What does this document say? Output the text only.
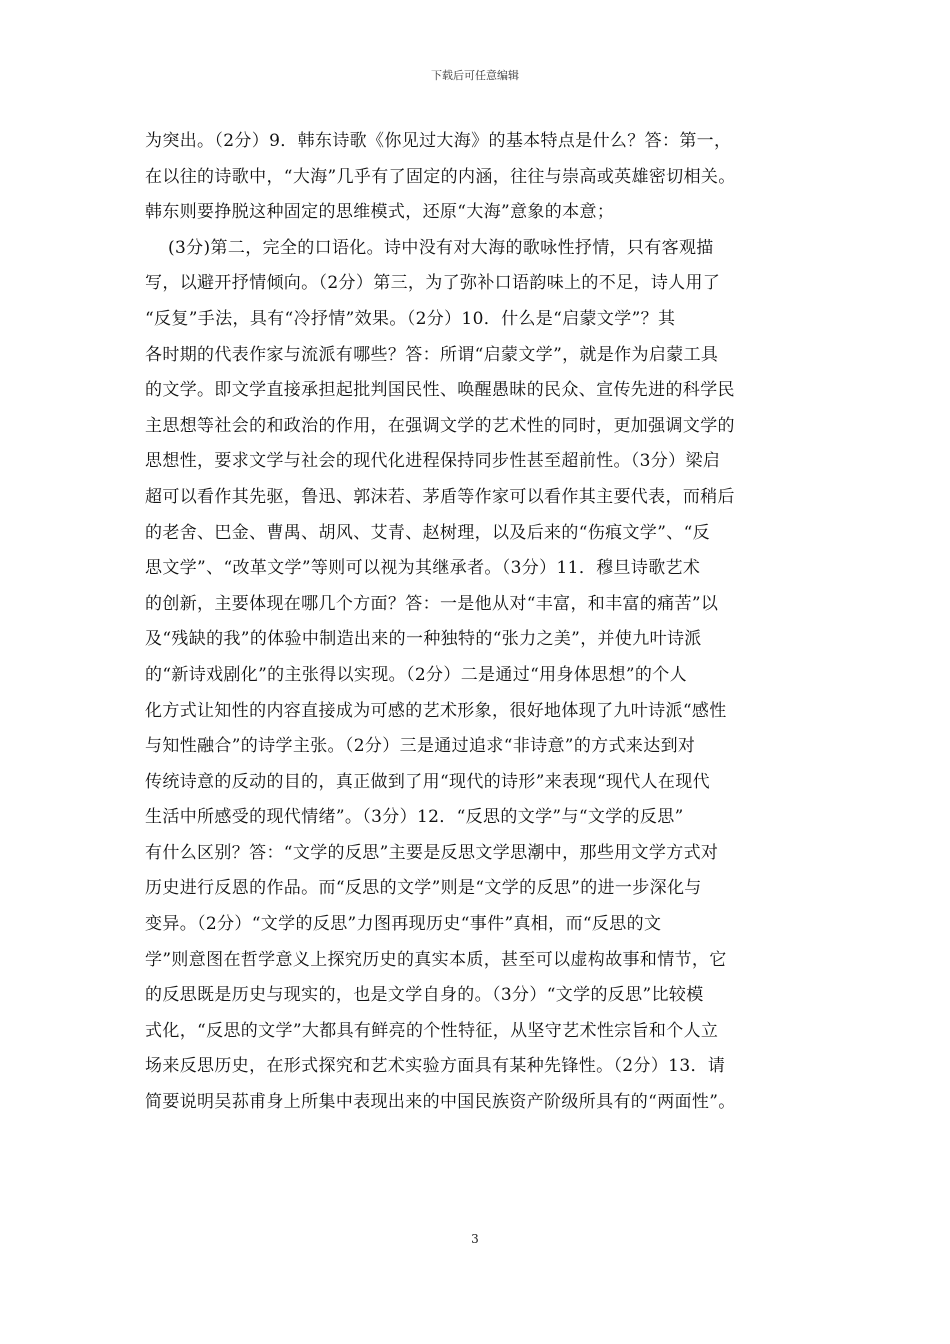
下载后可任意编辑
为突出。（2分）9．韩东诗歌《你见过大海》的基本特点是什么？答：第一，
在以往的诗歌中，“大海”几乎有了固定的内涵，往往与崇高或英雄密切相关。
韩东则要挣脱这种固定的思维模式，还原“大海”意象的本意；
(3分)第二，完全的口语化。诗中没有对大海的歌咏性抒情，只有客观描
写，以避开抒情倾向。（2分）第三，为了弥补口语韵味上的不足，诗人用了
“反复”手法，具有“冷抒情”效果。（2分）10．什么是“启蒙文学”？其
各时期的代表作家与流派有哪些？答：所谓“启蒙文学”，就是作为启蒙工具
的文学。即文学直接承担起批判国民性、唤醒愚昧的民众、宣传先进的科学民
主思想等社会的和政治的作用，在强调文学的艺术性的同时，更加强调文学的
思想性，要求文学与社会的现代化进程保持同步性甚至超前性。（3分）梁启
超可以看作其先驱，鲁迅、郭沫若、茅盾等作家可以看作其主要代表，而稍后
的老舍、巴金、曹禺、胡风、艾青、赵树理，以及后来的“伤痕文学”、“反
思文学”、“改革文学”等则可以视为其继承者。（3分）11．穆旦诗歌艺术
的创新，主要体现在哪几个方面？答：一是他从对“丰富，和丰富的痛苦”以
及“残缺的我”的体验中制造出来的一种独特的“张力之美”，并使九叶诗派
的“新诗戏剧化”的主张得以实现。（2分）二是通过“用身体思想”的个人
化方式让知性的内容直接成为可感的艺术形象，很好地体现了九叶诗派“感性
与知性融合”的诗学主张。（2分）三是通过追求“非诗意”的方式来达到对
传统诗意的反动的目的，真正做到了用“现代的诗形”来表现“现代人在现代
生活中所感受的现代情绪”。（3分）12．“反思的文学”与“文学的反思”
有什么区别？答：“文学的反思”主要是反思文学思潮中，那些用文学方式对
历史进行反恩的作品。而“反思的文学”则是“文学的反思”的进一步深化与
变异。（2分）“文学的反思”力图再现历史“事件”真相，而“反思的文
学”则意图在哲学意义上探究历史的真实本质，甚至可以虚构故事和情节，它
的反思既是历史与现实的，也是文学自身的。（3分）“文学的反思”比较模
式化，“反思的文学”大都具有鲜亮的个性特征，从坚守艺术性宗旨和个人立
场来反思历史，在形式探究和艺术实验方面具有某种先锋性。（2分）13．请
简要说明吴荪甫身上所集中表现出来的中国民族资产阶级所具有的“两面性”。
3
